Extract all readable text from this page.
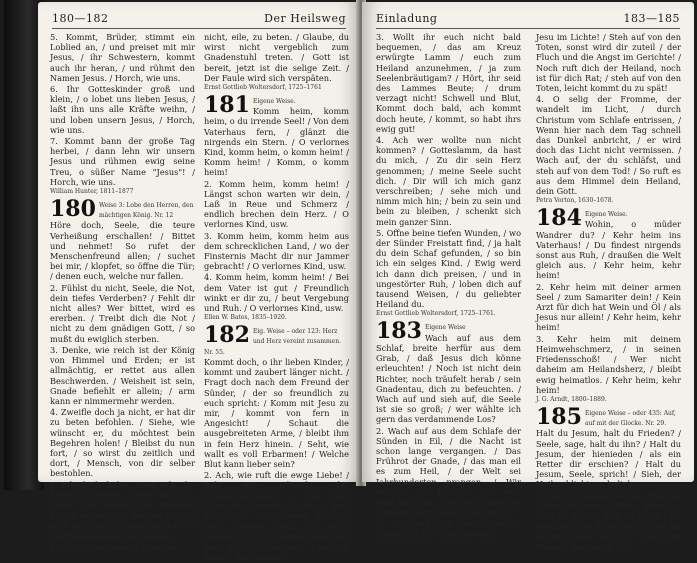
180—182	Der Heilsweg

5. Kommt, Brüder, stimmt ein Loblied an, / und preiset mit mir Jesus, / ihr Schwestern, kommt auch ihr heran, / und rühmt den Namen Jesus. / Horch, wie uns.

6. Ihr Gotteskinder groß und klein, / o lobet uns lieben Jesus, / laßt ihn uns alle Kräfte weihn, / und loben unsern Jesus, / Horch, wie uns.

7. Kommt bann der große Tag herbei, / dann lehn wir unsern Jesus und rühmen ewig seine Treu, o süßer Name "Jesus"! / Horch, wie uns.

William Hunter, 1811–1877
180 Weise 3: Lobe den Herren, den mächtigen König. Nr. 12

Höre doch, Seele, die teure Verheißung erschallen! / Bittet und nehmet! So rufet der Menschenfreund allen; / suchet bei mir, / klopfet, so öffne die Tür; / denen euch, welche nur fallen.

2. Fühlst du nicht, Seele, die Not, dein tiefes Verderben? / Fehlt dir nicht alles? Wer bittet, wird es ererben. / Treibt dich die Not / nicht zu dem gnädigen Gott, / so mußt du ewiglich sterben.

3. Denke, wie reich ist der König von Himmel und Erden; er ist allmächtig, er rettet aus allen Beschwerden. / Weisheit ist sein, Gnade befiehlt er allein; / arm kann er nimmermehr werden.

4. Zweifle doch ja nicht, er hat dir zu beten befohlen. / Siehe, wie wünscht er, du möchtest bein Begehren holen! / Bleibst du nun fort, / so wirst du zeitlich und dort, / Mensch, von dir selber bestohlen.

5. Eile doch, haltes Herz, eile, die Kniee zu beugen; / bald wird sich Feuer des Geistes im Herzens grund zeigen, / o wieviel Kraft / wird dir durchs Bitten geschafft, / die Himmelsleiter zu steigen.

6. Nun, so besinne dich länger

nicht, eile, zu beten. / Glaube, du wirst nicht vergeblich zum Gnadenstuhl treten. / Gott ist bereit, jetzt ist die selige Zeit. / Der Faule wird sich verspäten.

Ernst Gottlieb Woltersdorf, 1725–1761
181 Eigene Weise.

Komm heim, komm heim, o du irrende Seel! / Von dem Vaterhaus fern, / glänzt die nirgends ein Stern. / O verlornes Kind, komm heim, o komm heim! / Komm heim! / Komm, o komm heim!

2. Komm heim, komm heim! / Längst schon warten wir dein, / Laß in Reue und Schmerz / endlich brechen dein Herz. / O verlornes Kind, usw.

3. Komm heim, komm heim aus dem schrecklichen Land, / wo der Finsternis Macht dir nur Jammer gebracht! / O verlornes Kind, usw.

4. Komm heim, komm heim! / Bei dem Vater ist gut / Freundlich winkt er dir zu, / beut Vergebung und Ruh. / O verlornes Kind, usw.

Ellen W. Bates, 1835–1920.
182 Eig. Weise – oder 123: Herz und Herz vereint zusammen. Nr. 55.

Kommt doch, o ihr lieben Kinder, / kommt und zaubert länger nicht. / Fragt doch nach dem Freund der Sünder, / der so freundlich zu euch spricht: / Komm mit Jesu zu mir, / kommt von fern in Angesicht! / Schaut die ausgebreiteten Arme, / bleibt ihm in fein Herz hinein. / Seht, wie wallt es voll Erbarmen! / Welche Blut kann lieber sein?

2. Ach, wie ruft die ewge Liebe! / Ach, wie wünscht der Schmerzensmann, / daß kein Lämmlein draußen bliebe, / weil er's sonst nicht retten kann! / Sagt, warum wollt ihr euch verkehren? / Ich warum wollt ihr euch selbst verleugnen, / endlich in eu'r Herz hinein?

Einladung	183—185

3. Wollt ihr euch nicht bald bequemen, / das am Kreuz erwürgte Lamm / euch zum Heiland anzunehmen, / ja zum Seelenbräutigam? / Hört, ihr seid des Lammes Beute; / drum verzagt nicht! Schwell und Blut, Kommt doch bald, ach kommt doch heute, / kommt, so habt ihrs ewig gut!

4. Ach wer wollte nun nicht kommen? / Gotteslamm, da hast du mich, / Zu dir sein Herz genommen; / meine Seele sucht dich. / Dir will ich mich ganz verschreiben; / sehe mich und nimm mich hin; / bein zu sein und bein zu bleiben, / schenkt sich mein ganzer Sinn.

5. Offne beine tiefen Wunden, / wo der Sünder Freistatt find, / ja halt du dein Schaf gefunden, / so bin ich ein selges Kind. / Ewig werd ich dann dich preisen, / und in ungestörter Ruh, / loben dich auf tausend Weisen, / du geliebter Heiland du.

Ernst Gottlieb Woltersdorf, 1725–1761.
183 Eigene Weise

Wach auf aus dem Schlaf, breite herfür aus dem Grab, / daß Jesus dich könne erleuchten! / Noch ist nicht dein Richter, noch träufelt herab / sein Gnadentau, dich zu befeuchten. / Wach auf und sieh auf, die Seele ist sie so groß; / wer wählte ich gern das verdammende Los?

2. Wach auf aus dem Schlafe der Sünden in Eil, / die Nacht ist schon lange vergangen. / Das Frührot der Gnade, / das man eil es zum Heil, / der Welt sei Jahrhunderten prangen. / Wir erleben das Kleinod, und heiß wird der Tag, / und kurz sind die Stunden; drum wach, o erwach!

3. Steh auf von den Toten, o Sünder, in Eil, / und lebe mit

Jesu im Lichte! / Steh auf von den Toten, sonst wird dir zuteil / der Fluch und die Angst im Gerichte! / Noch ruft dich der Heiland, noch ist für dich Rat; / steh auf von den Toten, leicht kommt du zu spät!

4. O selig der Fromme, der wandelt im Licht, / durch Christum vom Schlafe entrissen, / Wenn hier nach dem Tag schnell das Dunkel anbricht, / er wird doch das Licht nicht vermissen. / Wach auf, der du schläfst, und steh auf von dem Tod! / So ruft es aus dem Himmel dein Heiland, dein Gott.

Petra Vorton, 1630–1678.
184 Eigene Weise.

Wohin, o müder Wandrer du? / Kehr heim ins Vaterhaus! / Du findest nirgends sonst aus Ruh, / draußen die Welt gleich aus. / Kehr heim, kehr heim!

2. Kehr heim mit deiner armen Seel / zum Samariter dein! / Kein Arzt für dich hat Wein und Öl / als Jesus nur allein! / Kehr heim, kehr heim!

3. Kehr heim mit deinem Heimwehschmerz, / in seinen Friedensschoß! / Wer nicht daheim am Heilandsherz, / bleibt ewig heimatlos. / Kehr heim, kehr heim!

J. G. Arndt, 1800–1889.
185 Eigene Weise – oder 435: Auf, auf mit der Glocke. Nr. 29.

Halt du Jesum, halt du Frieden? / Seele, sage, halt du ihn? / Halt du Jesum, der hienieden / als ein Retter dir erschien? / Halt du Jesum, Seele, sprich! / Sieh, der Heiland liebt auch dich.

2. Halt du Jesum, halt du Freude? / Bist du deines Heils gewiß? / Halt du Jesum, dich im Leide / Ist euch und das Bittre süß? / Halt du Jesum, Seele, sprich! / Sieh, der Heiland liebt auch dich.
